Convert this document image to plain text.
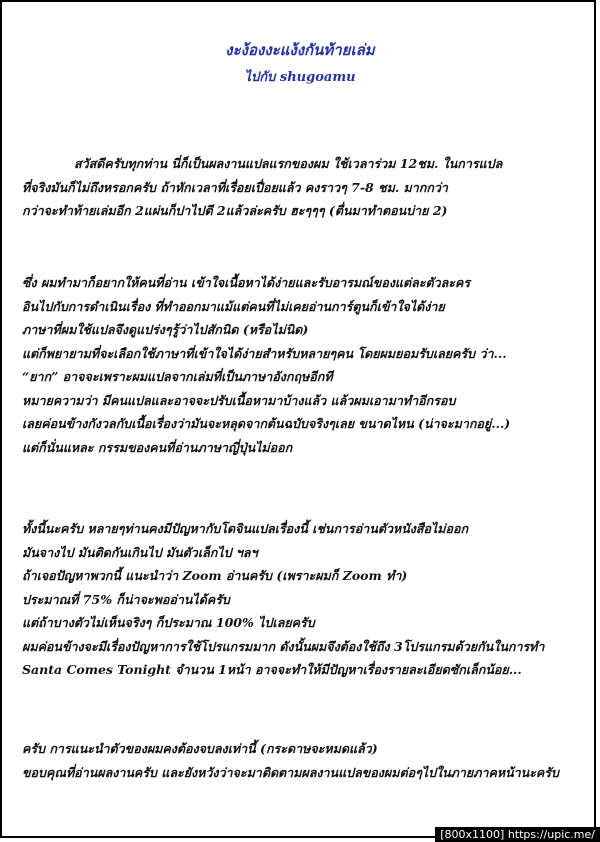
งะง้องงะแง้งกันท้ายเล่ม
ไปกับ shugoamu
สวัสดีครับทุกท่าน นี่ก็เป็นผลงานแปลแรกของผม ใช้เวลาร่วม 12ชม. ในการแปล
ที่จริงมันก็ไม่ถึงหรอกครับ ถ้าหักเวลาที่เรื่อยเปื่อยแล้ว คงราวๆ 7-8 ชม. มากกว่า
กว่าจะทำท้ายเล่มอีก 2แผ่นก็ปาไปตี 2แล้วล่ะครับ ฮะๆๆๆ (ตื่นมาทำตอนบ่าย 2)
ซึ่ง ผมทำมาก็อยากให้คนที่อ่าน เข้าใจเนื้อหาได้ง่ายและรับอารมณ์ของแต่ละตัวละคร
อินไปกับการดำเนินเรื่อง ที่ทำออกมาแม้แต่คนที่ไม่เคยอ่านการ์ตูนก็เข้าใจได้ง่าย
ภาษาที่ผมใช้แปลจึงดูแปร่งๆรู้ว่าไปสักนิด (หรือไม่นิด)
แต่ก็พยายามที่จะเลือกใช้ภาษาที่เข้าใจได้ง่ายสำหรับหลายๆคน โดยผมยอมรับเลยครับ ว่า...
“ยาก” อาจจะเพราะผมแปลจากเล่มที่เป็นภาษาอังกฤษอีกที
หมายความว่า มีคนแปลและอาจจะปรับเนื้อหามาบ้างแล้ว แล้วผมเอามาทำอีกรอบ
เลยค่อนข้างกังวลกับเนื้อเรื่องว่ามันจะหลุดจากต้นฉบับจริงๆเลย ขนาดไหน (น่าจะมากอยู่...)
แต่ก็นั่นแหละ กรรมของคนที่อ่านภาษาญี่ปุ่นไม่ออก
ทั้งนี้นะครับ หลายๆท่านคงมีปัญหากับโดจินแปลเรื่องนี้ เช่นการอ่านตัวหนังสือไม่ออก
มันจางไป มันติดกันเกินไป มันตัวเล็กไป ฯลฯ
ถ้าเจอปัญหาพวกนี้ แนะนำว่า Zoom อ่านครับ (เพราะผมก็ Zoom ทำ)
ประมาณที่ 75% ก็น่าจะพออ่านได้ครับ
แต่ถ้าบางตัวไม่เห็นจริงๆ ก็ประมาณ 100% ไปเลยครับ
ผมค่อนข้างจะมีเรื่องปัญหาการใช้โปรแกรมมาก ดังนั้นผมจึงต้องใช้ถึง 3โปรแกรมด้วยกันในการทำ
Santa Comes Tonight จำนวน 1หน้า อาจจะทำให้มีปัญหาเรื่องรายละเอียดซักเล็กน้อย...
ครับ การแนะนำตัวของผมคงต้องจบลงเท่านี้ (กระดาษจะหมดแล้ว)
ขอบคุณที่อ่านผลงานครับ และยังหวังว่าจะมาติดตามผลงานแปลของผมต่อๆไปในภายภาคหน้านะครับ
[800x1100] https://upic.me/
